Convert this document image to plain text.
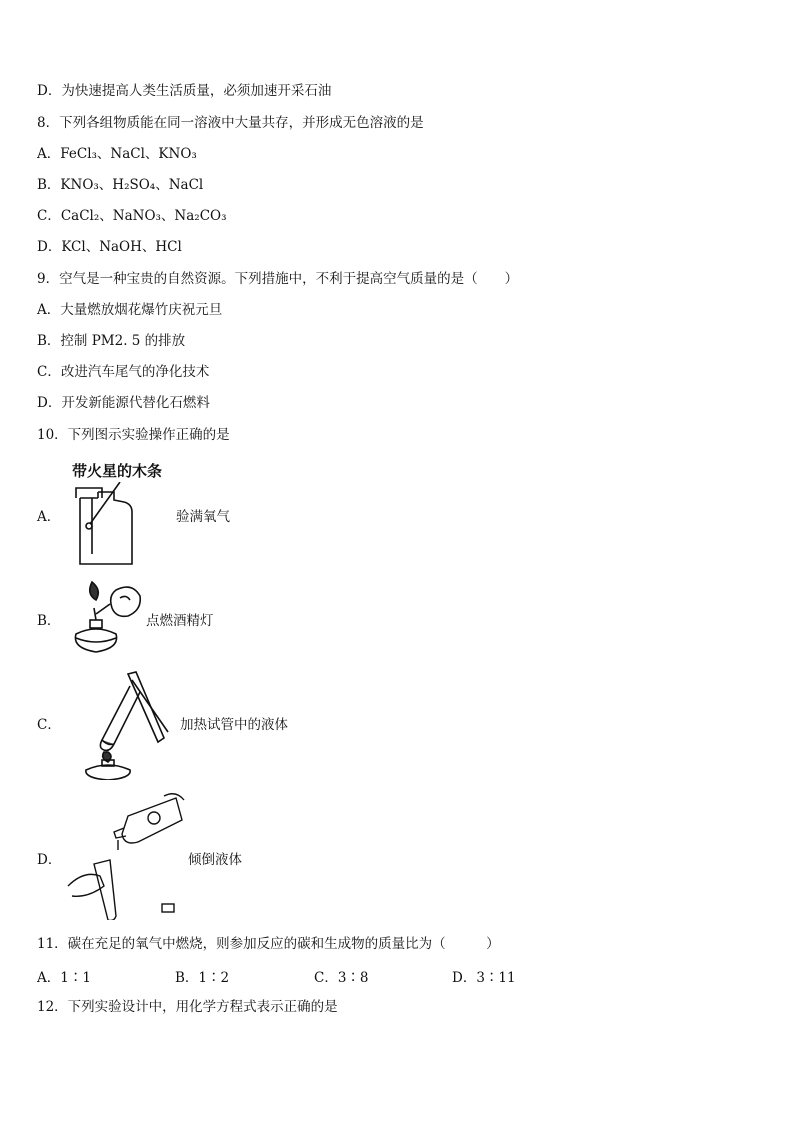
D．为快速提高人类生活质量，必须加速开采石油
8．下列各组物质能在同一溶液中大量共存，并形成无色溶液的是
A．FeCl₃、NaCl、KNO₃
B．KNO₃、H₂SO₄、NaCl
C．CaCl₂、NaNO₃、Na₂CO₃
D．KCl、NaOH、HCl
9．空气是一种宝贵的自然资源。下列措施中，不利于提高空气质量的是（　　）
A．大量燃放烟花爆竹庆祝元旦
B．控制 PM2. 5 的排放
C．改进汽车尾气的净化技术
D．开发新能源代替化石燃料
10．下列图示实验操作正确的是
A．
带火星的木条
验满氧气
B．	点燃酒精灯
C．	加热试管中的液体
D．	倾倒液体
11．碳在充足的氧气中燃烧，则参加反应的碳和生成物的质量比为（　　　）
A．1∶1	B．1∶2	C．3∶8	D．3∶11
12．下列实验设计中，用化学方程式表示正确的是
